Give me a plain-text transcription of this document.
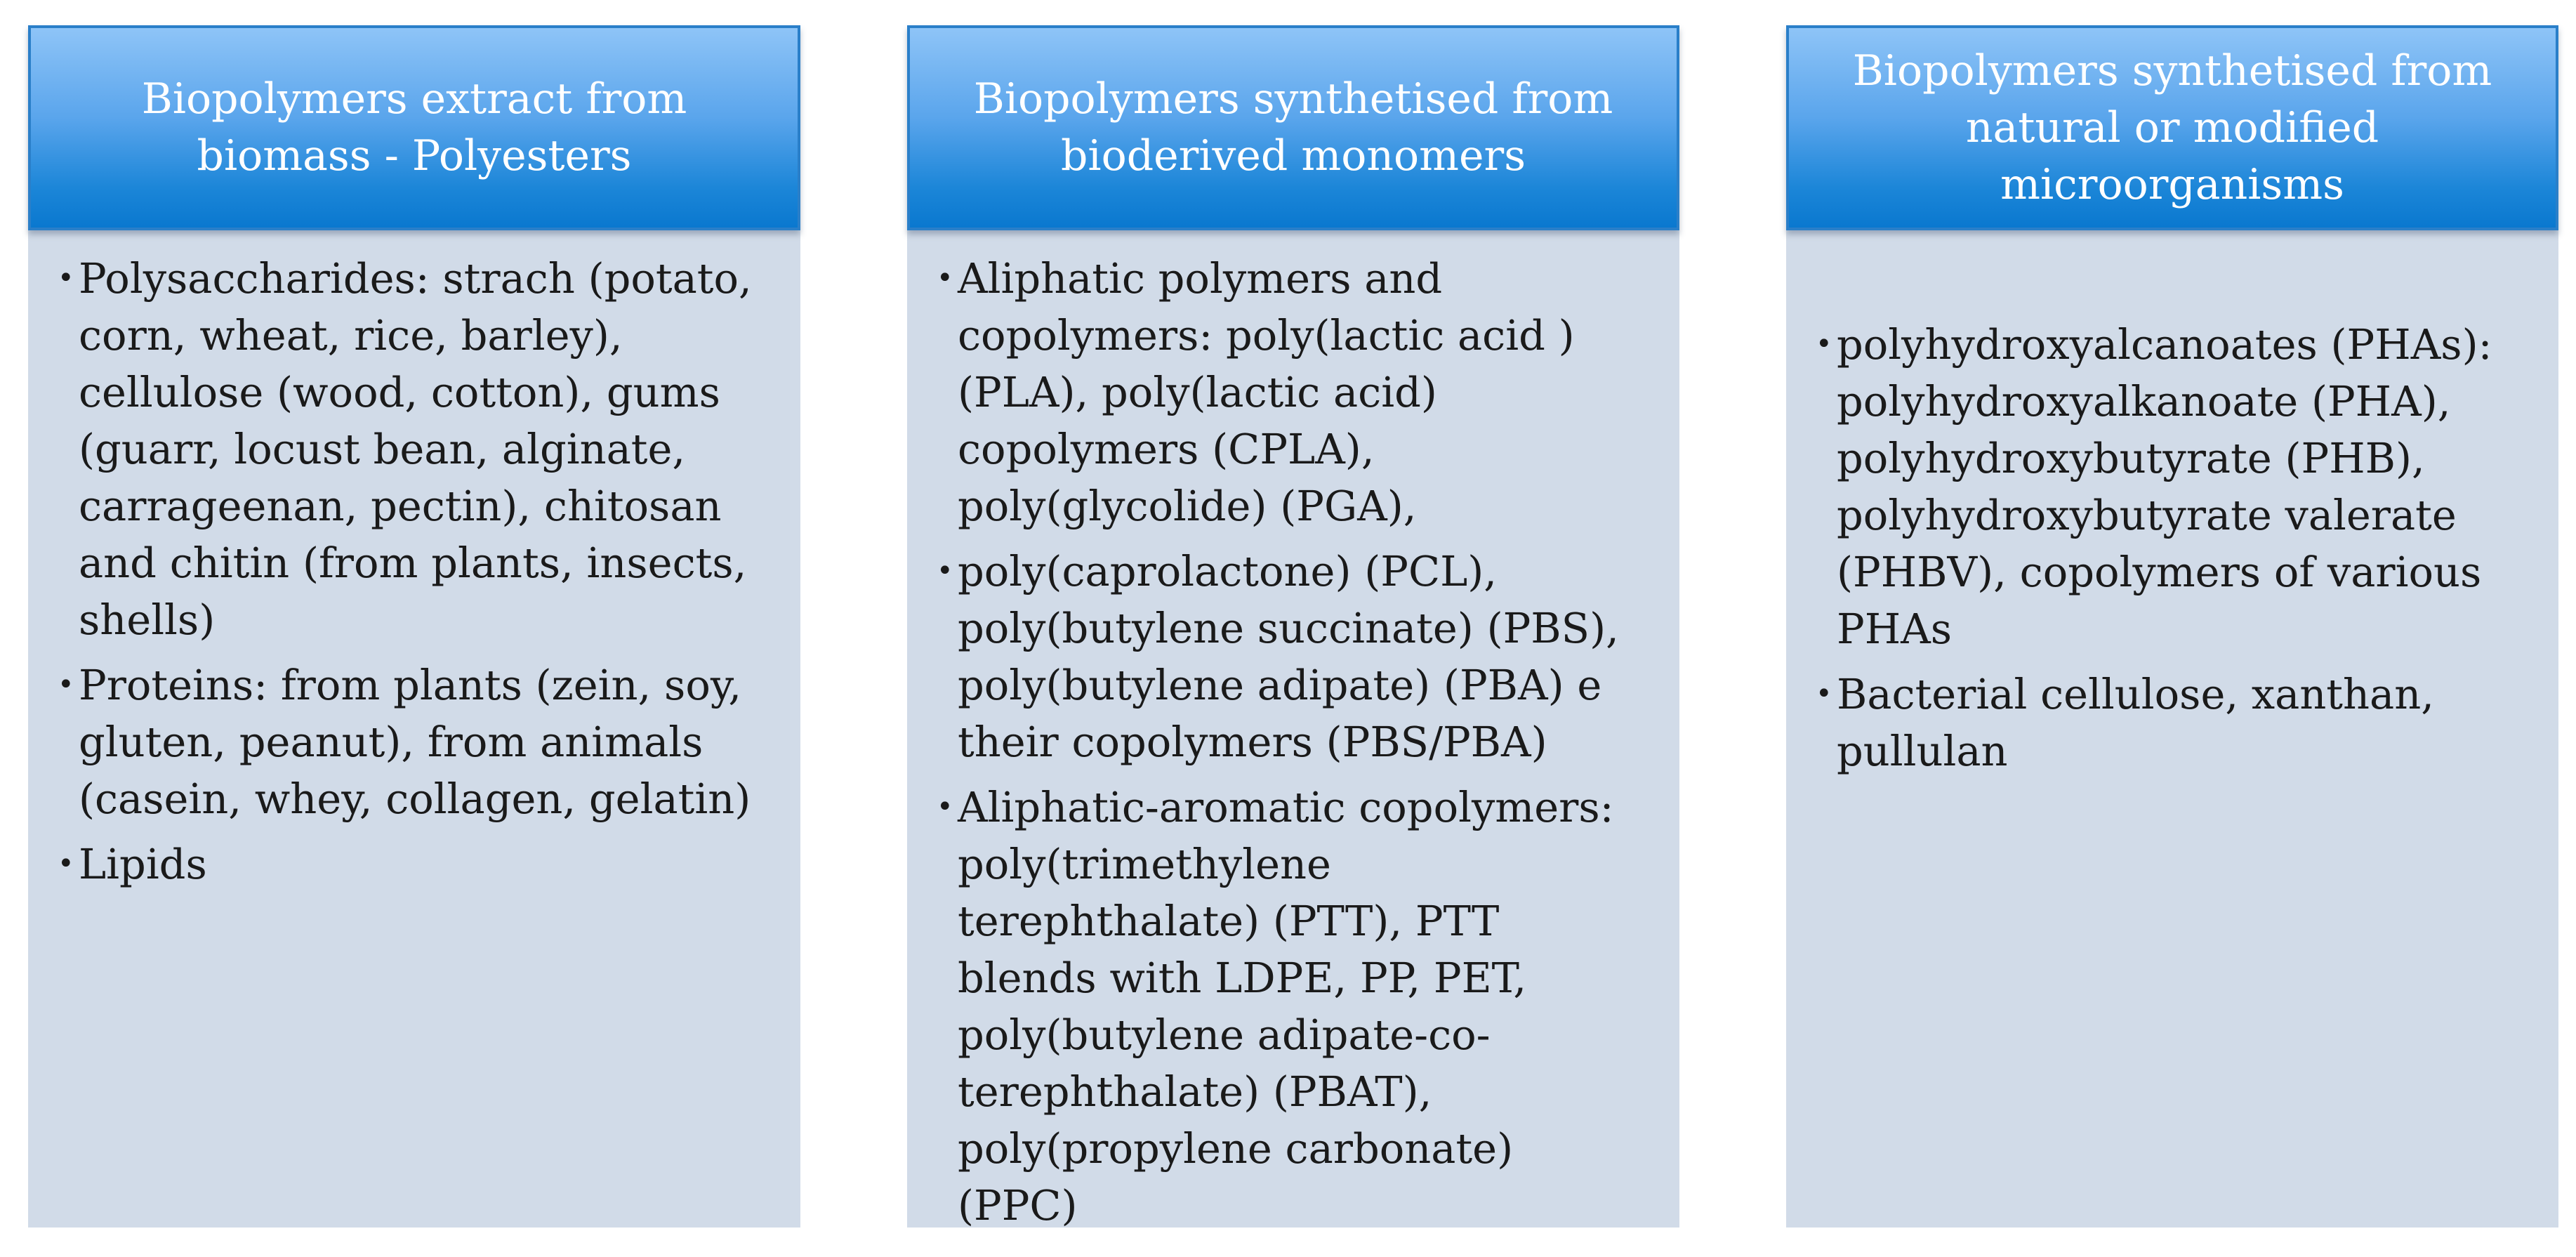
Biopolymers extract from biomass - Polyesters
• Polysaccharides: strach (potato, corn, wheat, rice, barley), cellulose (wood, cotton), gums (guarr, locust bean, alginate, carrageenan, pectin), chitosan and chitin (from plants, insects, shells)
• Proteins: from plants (zein, soy, gluten, peanut), from animals (casein, whey, collagen, gelatin)
• Lipids
Biopolymers synthetised from bioderived monomers
• Aliphatic polymers and copolymers: poly(lactic acid )(PLA), poly(lactic acid) copolymers (CPLA), poly(glycolide) (PGA),
• poly(caprolactone) (PCL), poly(butylene succinate) (PBS), poly(butylene adipate) (PBA) e their copolymers (PBS/PBA)
• Aliphatic-aromatic copolymers: poly(trimethylene terephthalate) (PTT), PTT blends with LDPE, PP, PET, poly(butylene adipate-co-terephthalate) (PBAT), poly(propylene carbonate) (PPC)
Biopolymers synthetised from natural or modified microorganisms
• polyhydroxyalcanoates (PHAs): polyhydroxyalkanoate (PHA), polyhydroxybutyrate (PHB), polyhydroxybutyrate valerate (PHBV), copolymers of various PHAs
• Bacterial cellulose, xanthan, pullulan
